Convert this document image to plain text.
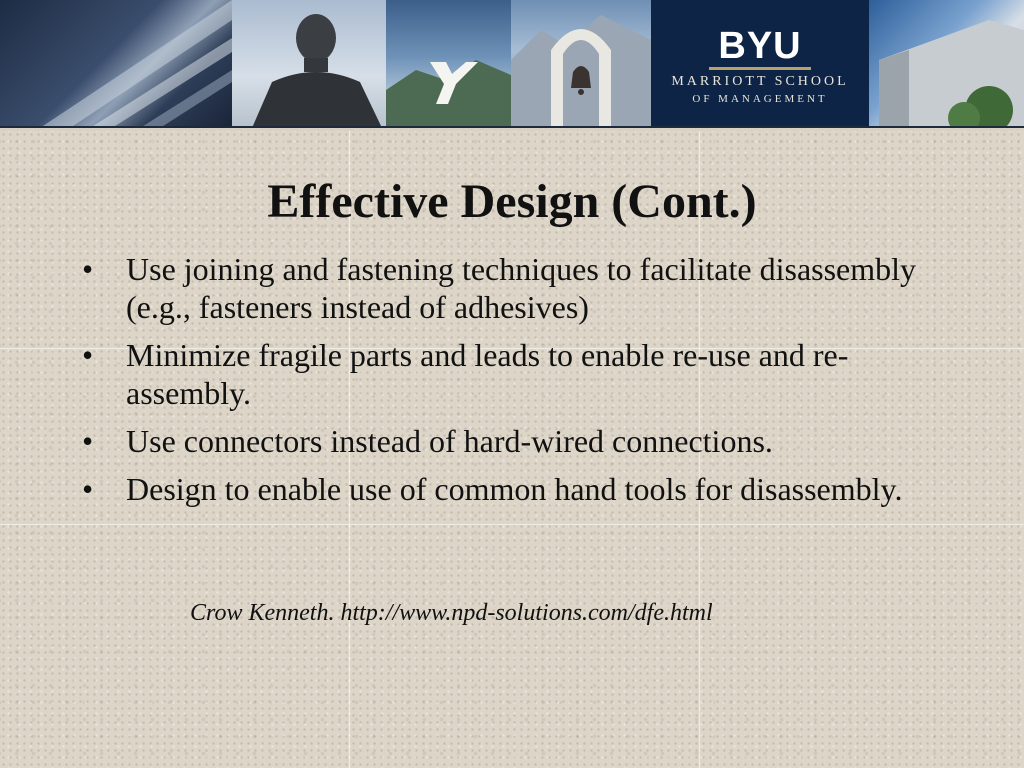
BYU
MARRIOTT SCHOOL
OF MANAGEMENT
Effective Design (Cont.)
• Use joining and fastening techniques to facilitate disassembly (e.g., fasteners instead of adhesives)
• Minimize fragile parts and leads to enable re-use and re-assembly.
• Use connectors instead of hard-wired connections.
• Design to enable use of common hand tools for disassembly.
Crow Kenneth. http://www.npd-solutions.com/dfe.html
